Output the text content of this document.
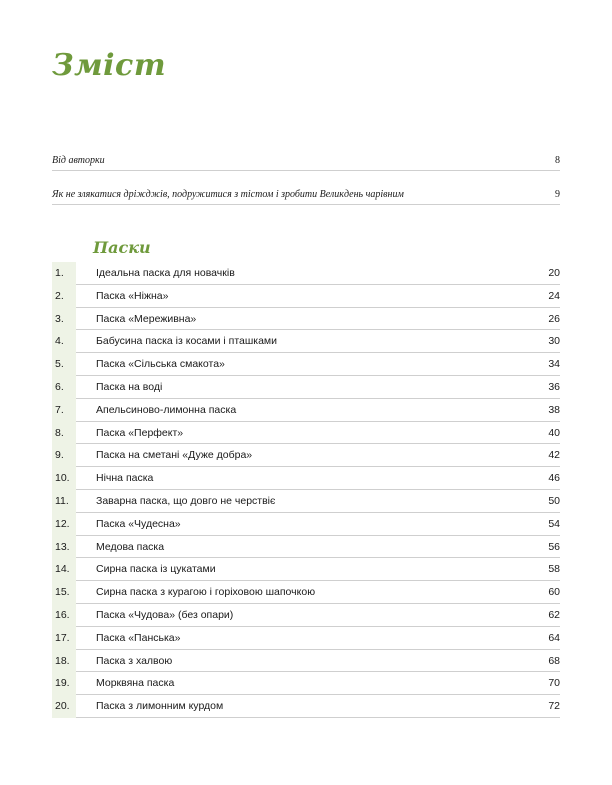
Зміст
Від авторки	8
Як не злякатися дріжджів, подружитися з тістом і зробити Великдень чарівним	9
Паски
1.	Ідеальна паска для новачків	20
2.	Паска «Ніжна»	24
3.	Паска «Мереживна»	26
4.	Бабусина паска із косами і пташками	30
5.	Паска «Сільська смакота»	34
6.	Паска на воді	36
7.	Апельсиново-лимонна паска	38
8.	Паска «Перфект»	40
9.	Паска на сметані «Дуже добра»	42
10.	Нічна паска	46
11.	Заварна паска, що довго не черствіє	50
12.	Паска «Чудесна»	54
13.	Медова паска	56
14.	Сирна паска із цукатами	58
15.	Сирна паска з курагою і горіховою шапочкою	60
16.	Паска «Чудова» (без опари)	62
17.	Паска «Панська»	64
18.	Паска з халвою	68
19.	Морквяна паска	70
20.	Паска з лимонним курдом	72
